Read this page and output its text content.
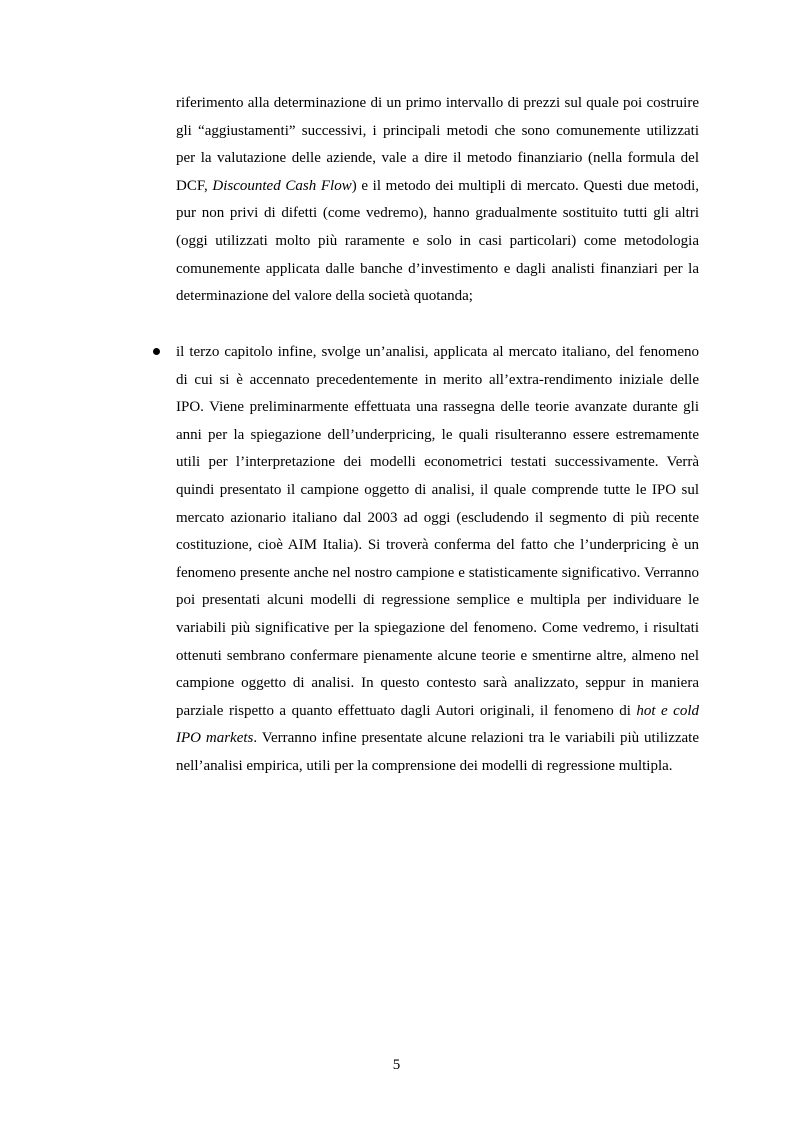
riferimento alla determinazione di un primo intervallo di prezzi sul quale poi costruire gli “aggiustamenti” successivi, i principali metodi che sono comunemente utilizzati per la valutazione delle aziende, vale a dire il metodo finanziario (nella formula del DCF, Discounted Cash Flow) e il metodo dei multipli di mercato. Questi due metodi, pur non privi di difetti (come vedremo), hanno gradualmente sostituito tutti gli altri (oggi utilizzati molto più raramente e solo in casi particolari) come metodologia comunemente applicata dalle banche d’investimento e dagli analisti finanziari per la determinazione del valore della società quotanda;

il terzo capitolo infine, svolge un’analisi, applicata al mercato italiano, del fenomeno di cui si è accennato precedentemente in merito all’extra-rendimento iniziale delle IPO. Viene preliminarmente effettuata una rassegna delle teorie avanzate durante gli anni per la spiegazione dell’underpricing, le quali risulteranno essere estremamente utili per l’interpretazione dei modelli econometrici testati successivamente. Verrà quindi presentato il campione oggetto di analisi, il quale comprende tutte le IPO sul mercato azionario italiano dal 2003 ad oggi (escludendo il segmento di più recente costituzione, cioè AIM Italia). Si troverà conferma del fatto che l’underpricing è un fenomeno presente anche nel nostro campione e statisticamente significativo. Verranno poi presentati alcuni modelli di regressione semplice e multipla per individuare le variabili più significative per la spiegazione del fenomeno. Come vedremo, i risultati ottenuti sembrano confermare pienamente alcune teorie e smentirne altre, almeno nel campione oggetto di analisi. In questo contesto sarà analizzato, seppur in maniera parziale rispetto a quanto effettuato dagli Autori originali, il fenomeno di hot e cold IPO markets. Verranno infine presentate alcune relazioni tra le variabili più utilizzate nell’analisi empirica, utili per la comprensione dei modelli di regressione multipla.

5
